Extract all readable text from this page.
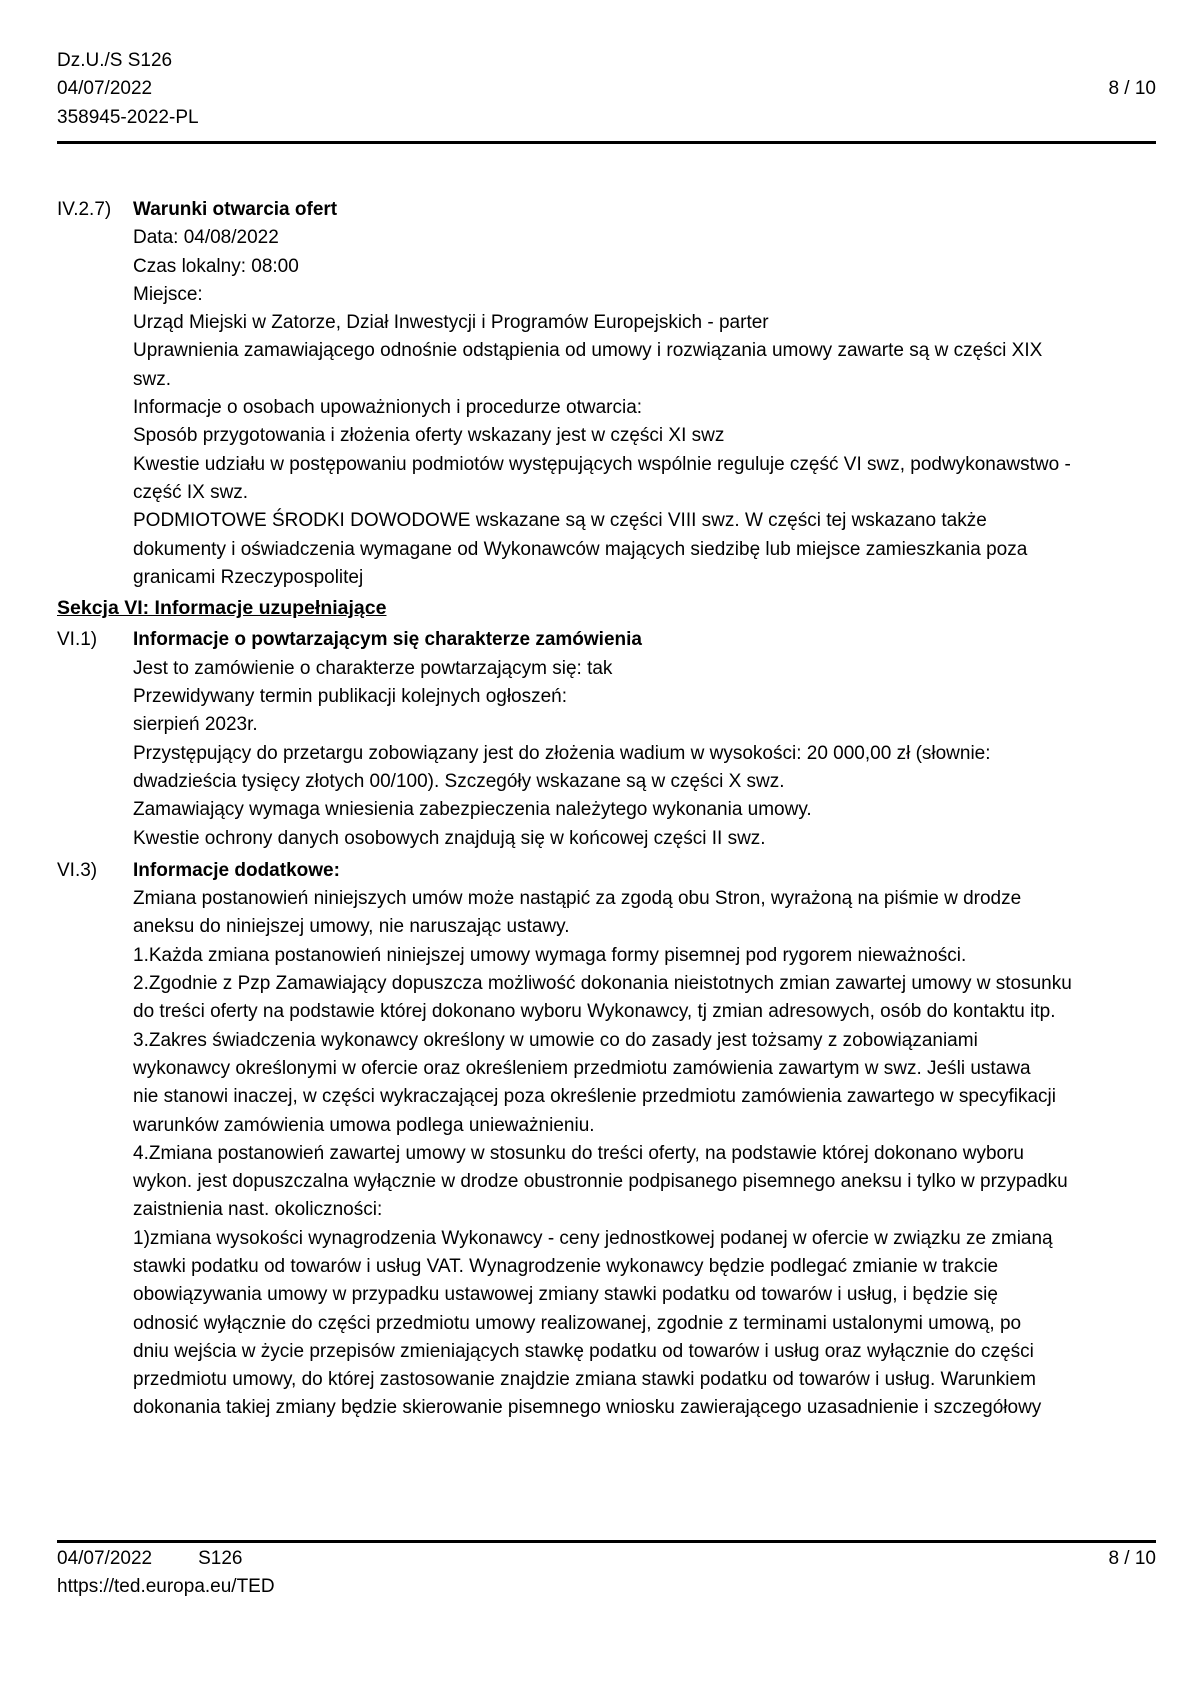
Dz.U./S S126
04/07/2022
358945-2022-PL
8 / 10
IV.2.7)	Warunki otwarcia ofert
Data: 04/08/2022
Czas lokalny: 08:00
Miejsce:
Urząd Miejski w Zatorze, Dział Inwestycji i Programów Europejskich - parter
Uprawnienia zamawiającego odnośnie odstąpienia od umowy i rozwiązania umowy zawarte są w części XIX
swz.
Informacje o osobach upoważnionych i procedurze otwarcia:
Sposób przygotowania i złożenia oferty wskazany jest w części XI swz
Kwestie udziału w postępowaniu podmiotów występujących wspólnie reguluje część VI swz, podwykonawstwo -
część IX swz.
PODMIOTOWE ŚRODKI DOWODOWE wskazane są w części VIII swz. W części tej wskazano także
dokumenty i oświadczenia wymagane od Wykonawców mających siedzibę lub miejsce zamieszkania poza
granicami Rzeczypospolitej
Sekcja VI: Informacje uzupełniające
VI.1)	Informacje o powtarzającym się charakterze zamówienia
Jest to zamówienie o charakterze powtarzającym się: tak
Przewidywany termin publikacji kolejnych ogłoszeń:
sierpień 2023r.
Przystępujący do przetargu zobowiązany jest do złożenia wadium w wysokości: 20 000,00 zł (słownie:
dwadzieścia tysięcy złotych 00/100). Szczegóły wskazane są w części X swz.
Zamawiający wymaga wniesienia zabezpieczenia należytego wykonania umowy.
Kwestie ochrony danych osobowych znajdują się w końcowej części II swz.
VI.3)	Informacje dodatkowe:
Zmiana postanowień niniejszych umów może nastąpić za zgodą obu Stron, wyrażoną na piśmie w drodze
aneksu do niniejszej umowy, nie naruszając ustawy.
1.Każda zmiana postanowień niniejszej umowy wymaga formy pisemnej pod rygorem nieważności.
2.Zgodnie z Pzp Zamawiający dopuszcza możliwość dokonania nieistotnych zmian zawartej umowy w stosunku
do treści oferty na podstawie której dokonano wyboru Wykonawcy, tj zmian adresowych, osób do kontaktu itp.
3.Zakres świadczenia wykonawcy określony w umowie co do zasady jest tożsamy z zobowiązaniami
wykonawcy określonymi w ofercie oraz określeniem przedmiotu zamówienia zawartym w swz. Jeśli ustawa
nie stanowi inaczej, w części wykraczającej poza określenie przedmiotu zamówienia zawartego w specyfikacji
warunków zamówienia umowa podlega unieważnieniu.
4.Zmiana postanowień zawartej umowy w stosunku do treści oferty, na podstawie której dokonano wyboru
wykon. jest dopuszczalna wyłącznie w drodze obustronnie podpisanego pisemnego aneksu i tylko w przypadku
zaistnienia nast. okoliczności:
1)zmiana wysokości wynagrodzenia Wykonawcy - ceny jednostkowej podanej w ofercie w związku ze zmianą
stawki podatku od towarów i usług VAT. Wynagrodzenie wykonawcy będzie podlegać zmianie w trakcie
obowiązywania umowy w przypadku ustawowej zmiany stawki podatku od towarów i usług, i będzie się
odnosić wyłącznie do części przedmiotu umowy realizowanej, zgodnie z terminami ustalonymi umową, po
dniu wejścia w życie przepisów zmieniających stawkę podatku od towarów i usług oraz wyłącznie do części
przedmiotu umowy, do której zastosowanie znajdzie zmiana stawki podatku od towarów i usług. Warunkiem
dokonania takiej zmiany będzie skierowanie pisemnego wniosku zawierającego uzasadnienie i szczegółowy
04/07/2022 S126
https://ted.europa.eu/TED
8 / 10
